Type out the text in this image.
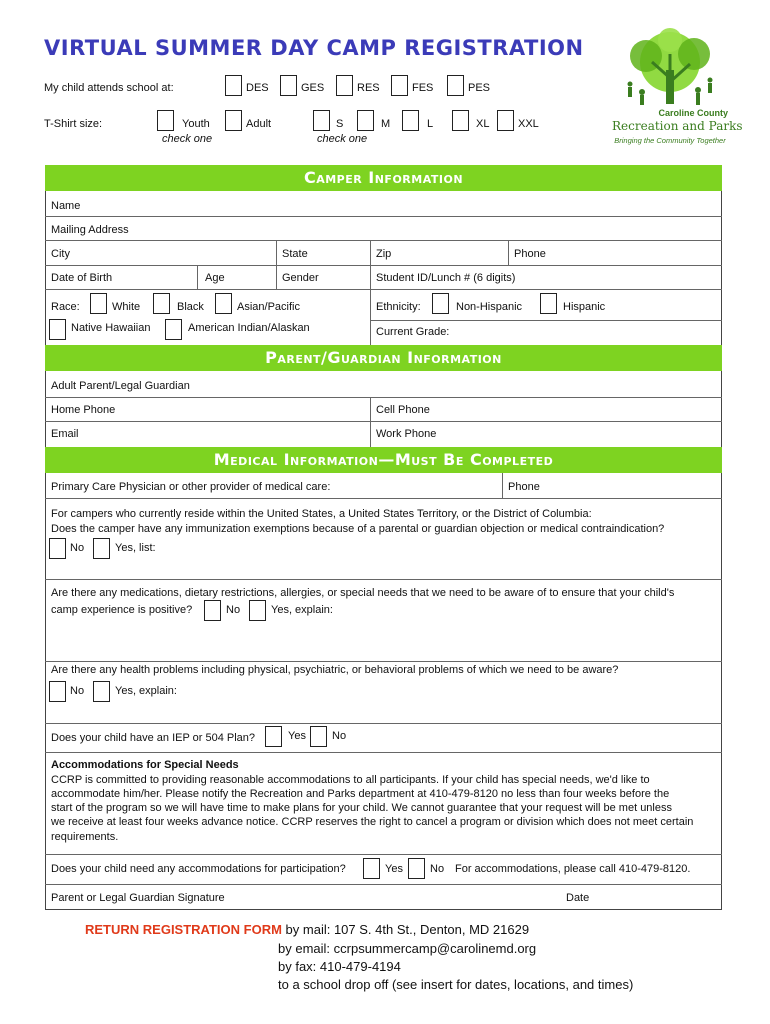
VIRTUAL SUMMER DAY CAMP REGISTRATION
My child attends school at:	DES	GES	RES	FES	PES
T-Shirt size:	Youth	Adult
check one
S	M	L	XL	XXL
check one
Caroline County
Recreation and Parks
Bringing the Community Together
Camper Information
Name
Mailing Address
City	State	Zip	Phone
Date of Birth	Age	Gender	Student ID/Lunch # (6 digits)
Race:	White	Black	Asian/Pacific
Native Hawaiian	American Indian/Alaskan
Ethnicity:	Non-Hispanic	Hispanic
Current Grade:
Parent/Guardian Information
Adult Parent/Legal Guardian
Home Phone	Cell Phone
Email	Work Phone
Medical Information—Must Be Completed
Primary Care Physician or other provider of medical care:	Phone
For campers who currently reside within the United States, a United States Territory, or the District of Columbia:
Does the camper have any immunization exemptions because of a parental or guardian objection or medical contraindication?
No	Yes, list:
Are there any medications, dietary restrictions, allergies, or special needs that we need to be aware of to ensure that your child's
camp experience is positive?	No	Yes, explain:
Are there any health problems including physical, psychiatric, or behavioral problems of which we need to be aware?
No	Yes, explain:
Does your child have an IEP or 504 Plan?	Yes No
Accommodations for Special Needs
CCRP is committed to providing reasonable accommodations to all participants. If your child has special needs, we'd like to
accommodate him/her. Please notify the Recreation and Parks department at 410-479-8120 no less than four weeks before the
start of the program so we will have time to make plans for your child. We cannot guarantee that your request will be met unless
we receive at least four weeks advance notice. CCRP reserves the right to cancel a program or division which does not meet certain
requirements.
Does your child need any accommodations for participation?	Yes No For accommodations, please call 410-479-8120.
Parent or Legal Guardian Signature	Date
RETURN REGISTRATION FORM by mail: 107 S. 4th St., Denton, MD 21629
by email: ccrpsummercamp@carolinemd.org
by fax: 410-479-4194
to a school drop off (see insert for dates, locations, and times)
